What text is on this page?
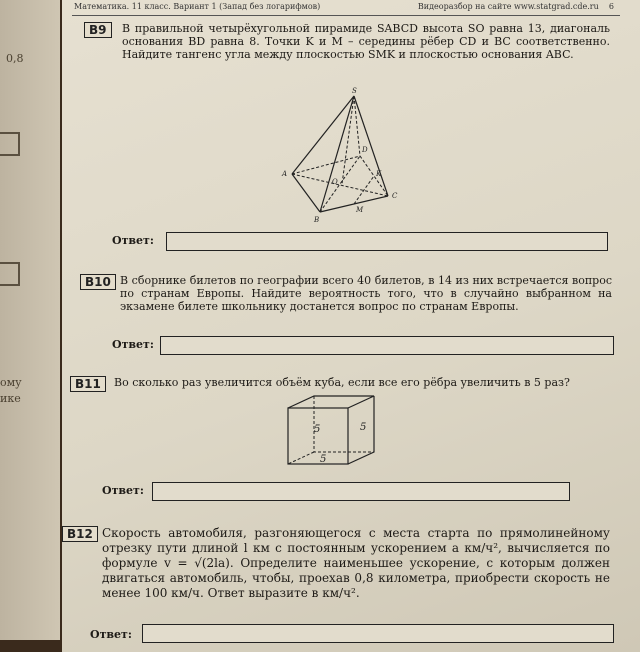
0,8
ому
ике
Математика. 11 класс. Вариант 1 (Запад без логарифмов)	Видеоразбор на сайте www.statgrad.cde.ru 6
B9	В правильной четырёхугольной пирамиде SABCD высота SO равна 13, диагональ основания BD равна 8. Точки K и M – середины рёбер CD и BC соответственно. Найдите тангенс угла между плоскостью SMK и плоскостью основания ABC.
S
A
B
C
D
O
K
M
Ответ:
B10 В сборнике билетов по географии всего 40 билетов, в 14 из них встречается вопрос по странам Европы. Найдите вероятность того, что в случайно выбранном на экзамене билете школьнику достанется вопрос по странам Европы.
Ответ:
B11	Во сколько раз увеличится объём куба, если все его рёбра увеличить в 5 раз?
5	5
5
Ответ:
B12 Скорость автомобиля, разгоняющегося с места старта по прямолинейному отрезку пути длиной l км с постоянным ускорением a км/ч², вычисляется по формуле v = √(2la). Определите наименьшее ускорение, с которым должен двигаться автомобиль, чтобы, проехав 0,8 километра, приобрести скорость не менее 100 км/ч. Ответ выразите в км/ч².
Ответ:
